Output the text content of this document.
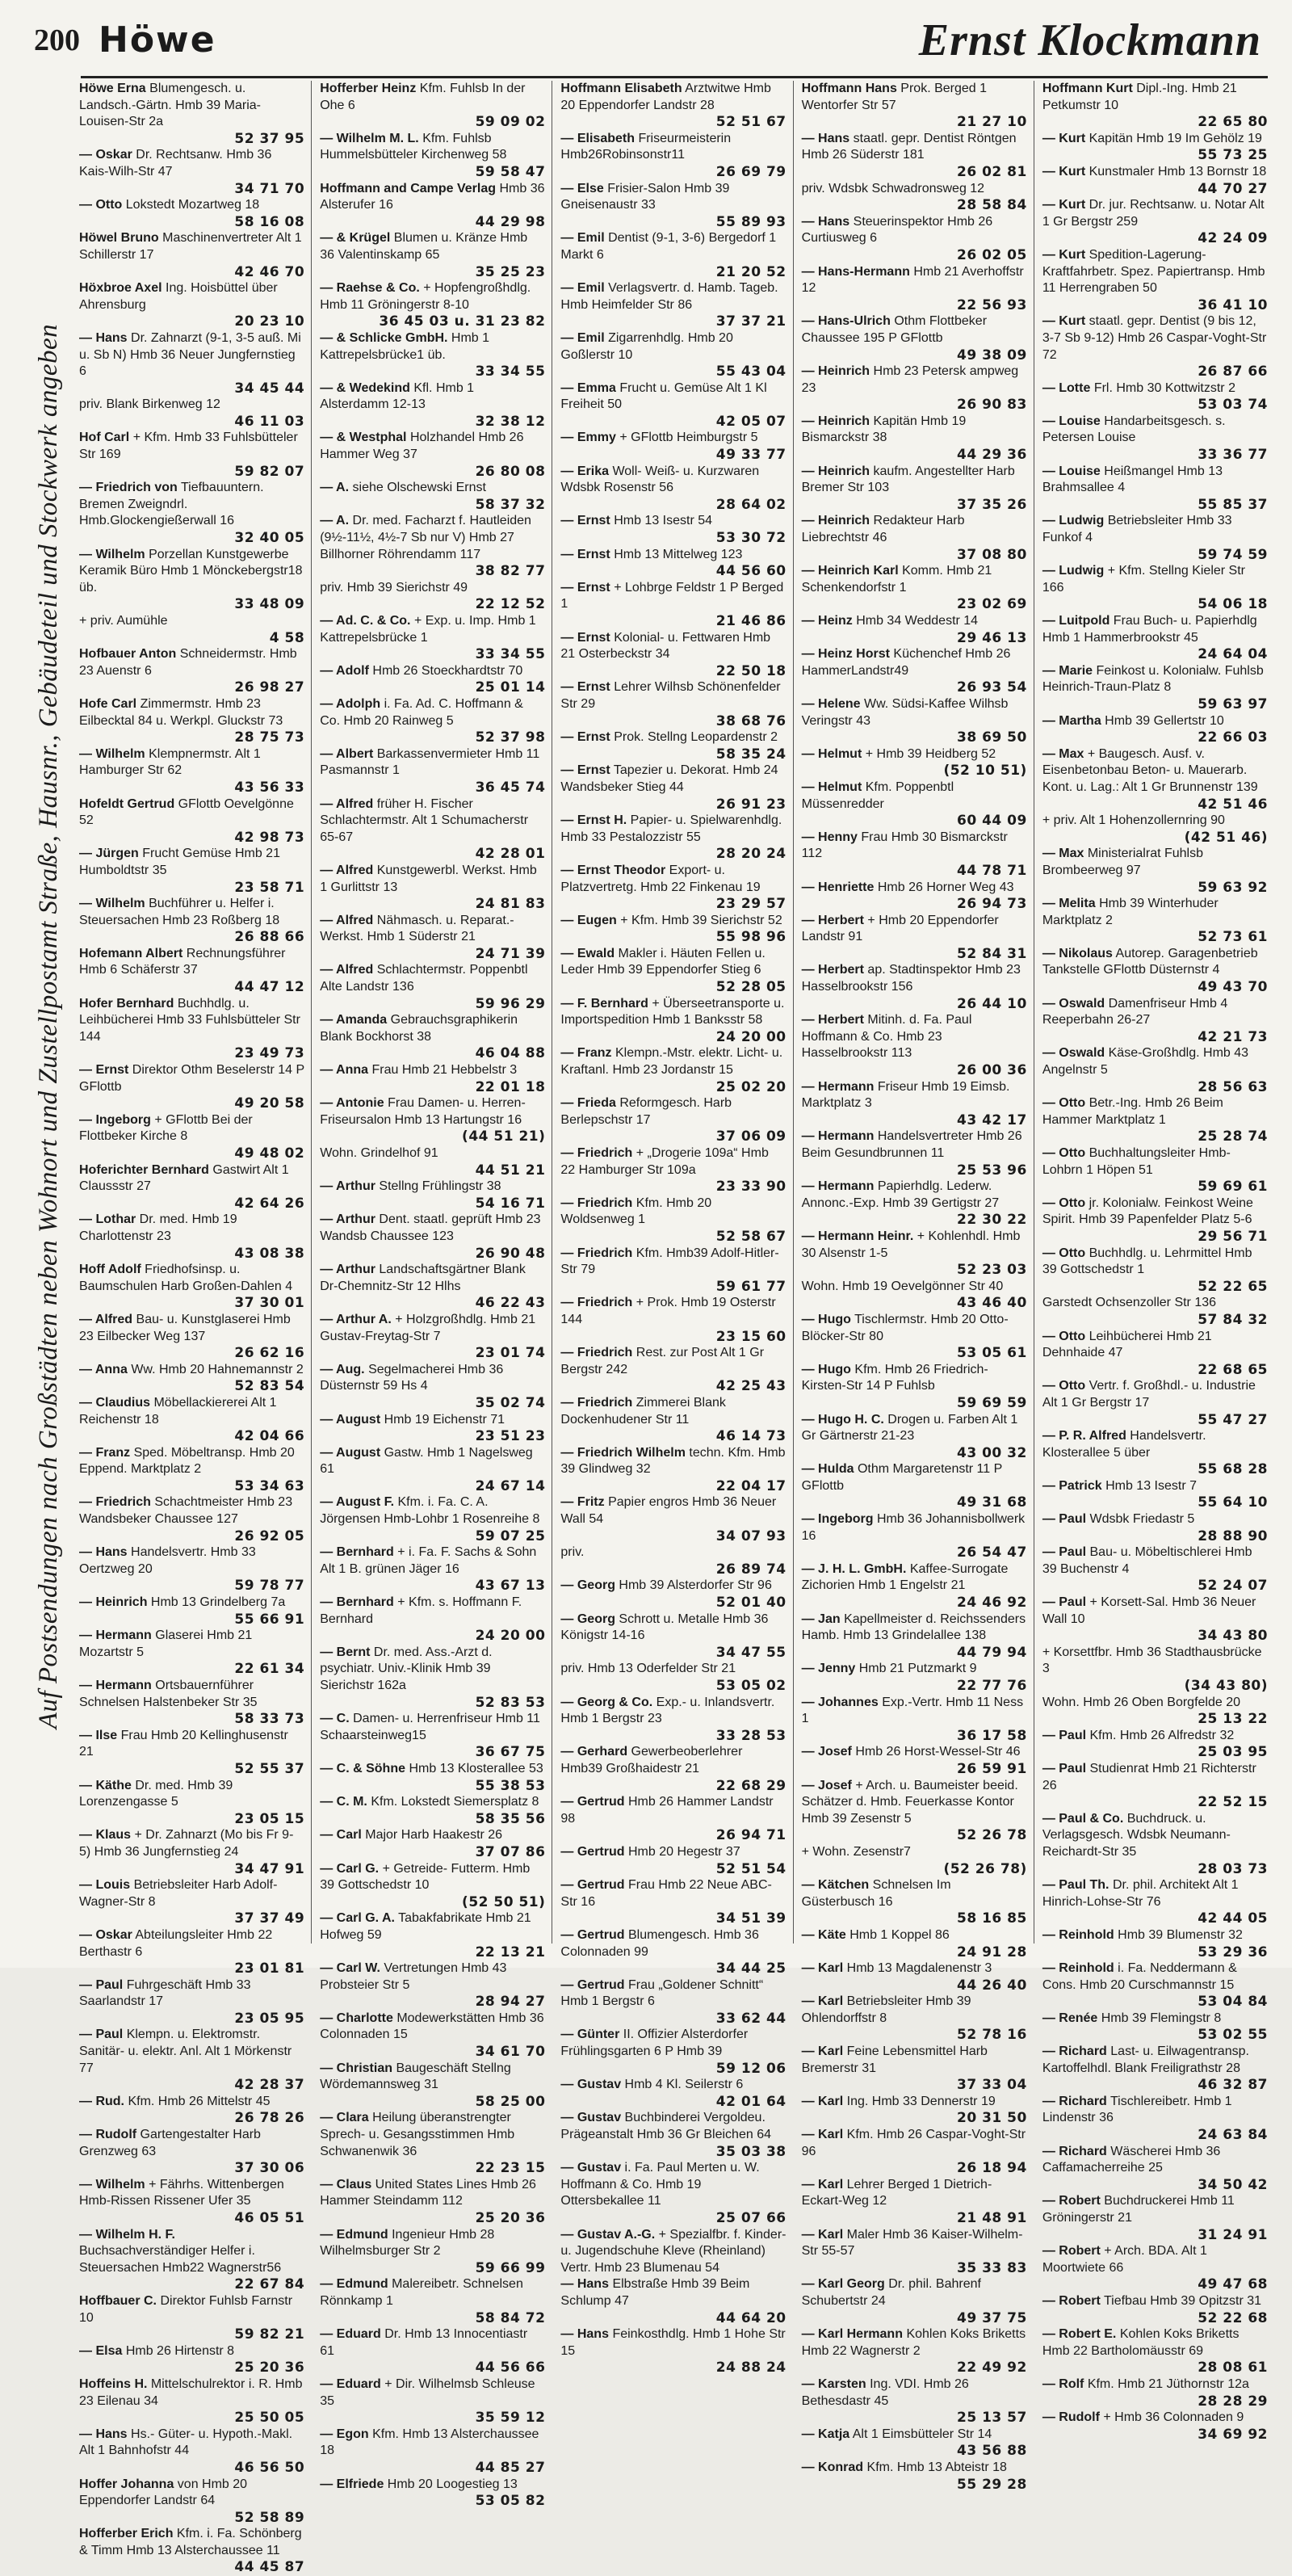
200 Höwe	Ernst Klockmann
Auf Postsendungen nach Großstädten neben Wohnort und Zustellpostamt Straße, Hausnr., Gebäudeteil und Stockwerk angeben
Höwe Erna Blumengesch. u. Landsch.-Gärtn. Hmb 39 Maria-Louisen-Str 2a
52 37 95
— Oskar Dr. Rechtsanw. Hmb 36 Kais-Wilh-Str 47
34 71 70
— Otto Lokstedt Mozartweg 18
58 16 08
Höwel Bruno Maschinenvertreter Alt 1 Schillerstr 17
42 46 70
Höxbroe Axel Ing. Hoisbüttel über Ahrensburg
20 23 10
— Hans Dr. Zahnarzt (9-1, 3-5 auß. Mi u. Sb N) Hmb 36 Neuer Jungfernstieg 6
34 45 44
priv. Blank Birkenweg 12
46 11 03
Hof Carl + Kfm. Hmb 33 Fuhlsbütteler Str 169
59 82 07
— Friedrich von Tiefbauuntern. Bremen Zweigndrl. Hmb.Glockengießerwall 16
32 40 05
— Wilhelm Porzellan Kunstgewerbe Keramik Büro Hmb 1 Mönckebergstr18 üb.
33 48 09
+ priv. Aumühle
4 58
Hofbauer Anton Schneidermstr. Hmb 23 Auenstr 6
26 98 27
Hofe Carl Zimmermstr. Hmb 23 Eilbecktal 84 u. Werkpl. Gluckstr 73
28 75 73
— Wilhelm Klempnermstr. Alt 1 Hamburger Str 62
43 56 33
Hofeldt Gertrud GFlottb Oevelgönne 52
42 98 73
— Jürgen Frucht Gemüse Hmb 21 Humboldtstr 35
23 58 71
— Wilhelm Buchführer u. Helfer i. Steuersachen Hmb 23 Roßberg 18
26 88 66
Hofemann Albert Rechnungsführer Hmb 6 Schäferstr 37
44 47 12
Hofer Bernhard Buchhdlg. u. Leihbücherei Hmb 33 Fuhlsbütteler Str 144
23 49 73
— Ernst Direktor Othm Beselerstr 14 P GFlottb
49 20 58
— Ingeborg + GFlottb Bei der Flottbeker Kirche 8
49 48 02
Hoferichter Bernhard Gastwirt Alt 1 Claussstr 27
42 64 26
— Lothar Dr. med. Hmb 19 Charlottenstr 23
43 08 38
Hoff Adolf Friedhofsinsp. u. Baumschulen Harb Großen-Dahlen 4
37 30 01
— Alfred Bau- u. Kunstglaserei Hmb 23 Eilbecker Weg 137
26 62 16
— Anna Ww. Hmb 20 Hahnemannstr 2
52 83 54
— Claudius Möbellackiererei Alt 1 Reichenstr 18
42 04 66
— Franz Sped. Möbeltransp. Hmb 20 Eppend. Marktplatz 2
53 34 63
— Friedrich Schachtmeister Hmb 23 Wandsbeker Chaussee 127
26 92 05
— Hans Handelsvertr. Hmb 33 Oertzweg 20
59 78 77
— Heinrich Hmb 13 Grindelberg 7a
55 66 91
— Hermann Glaserei Hmb 21 Mozartstr 5
22 61 34
— Hermann Ortsbauernführer Schnelsen Halstenbeker Str 35
58 33 73
— Ilse Frau Hmb 20 Kellinghusenstr 21
52 55 37
— Käthe Dr. med. Hmb 39 Lorenzengasse 5
23 05 15
— Klaus + Dr. Zahnarzt (Mo bis Fr 9-5) Hmb 36 Jungfernstieg 24
34 47 91
— Louis Betriebsleiter Harb Adolf-Wagner-Str 8
37 37 49
— Oskar Abteilungsleiter Hmb 22 Berthastr 6
23 01 81
— Paul Fuhrgeschäft Hmb 33 Saarlandstr 17
23 05 95
— Paul Klempn. u. Elektromstr. Sanitär- u. elektr. Anl. Alt 1 Mörkenstr 77
42 28 37
— Rud. Kfm. Hmb 26 Mittelstr 45
26 78 26
— Rudolf Gartengestalter Harb Grenzweg 63
37 30 06
— Wilhelm + Fährhs. Wittenbergen Hmb-Rissen Rissener Ufer 35
46 05 51
— Wilhelm H. F. Buchsachverständiger Helfer i. Steuersachen Hmb22 Wagnerstr56
22 67 84
Hoffbauer C. Direktor Fuhlsb Farnstr 10
59 82 21
— Elsa Hmb 26 Hirtenstr 8
25 20 36
Hoffeins H. Mittelschulrektor i. R. Hmb 23 Eilenau 34
25 50 05
— Hans Hs.- Güter- u. Hypoth.-Makl. Alt 1 Bahnhofstr 44
46 56 50
Hoffer Johanna von Hmb 20 Eppendorfer Landstr 64
52 58 89
Hofferber Erich Kfm. i. Fa. Schönberg & Timm Hmb 13 Alsterchaussee 11
44 45 87
Hofferber Heinz Kfm. Fuhlsb In der Ohe 6
59 09 02
— Wilhelm M. L. Kfm. Fuhlsb Hummelsbütteler Kirchenweg 58
59 58 47
Hoffmann and Campe Verlag Hmb 36 Alsterufer 16
44 29 98
— & Krügel Blumen u. Kränze Hmb 36 Valentinskamp 65
35 25 23
— Raehse & Co. + Hopfengroßhdlg. Hmb 11 Gröningerstr 8-10
36 45 03 u. 31 23 82
— & Schlicke GmbH. Hmb 1 Kattrepelsbrücke1 üb.
33 34 55
— & Wedekind Kfl. Hmb 1 Alsterdamm 12-13
32 38 12
— & Westphal Holzhandel Hmb 26 Hammer Weg 37
26 80 08
— A. siehe Olschewski Ernst
58 37 32
— A. Dr. med. Facharzt f. Hautleiden (9½-11½, 4½-7 Sb nur V) Hmb 27 Billhorner Röhrendamm 117
38 82 77
priv. Hmb 39 Sierichstr 49
22 12 52
— Ad. C. & Co. + Exp. u. Imp. Hmb 1 Kattrepelsbrücke 1
33 34 55
— Adolf Hmb 26 Stoeckhardtstr 70
25 01 14
— Adolph i. Fa. Ad. C. Hoffmann & Co. Hmb 20 Rainweg 5
52 37 98
— Albert Barkassenvermieter Hmb 11 Pasmannstr 1
36 45 74
— Alfred früher H. Fischer Schlachtermstr. Alt 1 Schumacherstr 65-67
42 28 01
— Alfred Kunstgewerbl. Werkst. Hmb 1 Gurlittstr 13
24 81 83
— Alfred Nähmasch. u. Reparat.-Werkst. Hmb 1 Süderstr 21
24 71 39
— Alfred Schlachtermstr. Poppenbtl Alte Landstr 136
59 96 29
— Amanda Gebrauchsgraphikerin Blank Bockhorst 38
46 04 88
— Anna Frau Hmb 21 Hebbelstr 3
22 01 18
— Antonie Frau Damen- u. Herren-Friseursalon Hmb 13 Hartungstr 16
(44 51 21)
Wohn. Grindelhof 91
44 51 21
— Arthur Stellng Frühlingstr 38
54 16 71
— Arthur Dent. staatl. geprüft Hmb 23 Wandsb Chaussee 123
26 90 48
— Arthur Landschaftsgärtner Blank Dr-Chemnitz-Str 12 Hlhs
46 22 43
— Arthur A. + Holzgroßhdlg. Hmb 21 Gustav-Freytag-Str 7
23 01 74
— Aug. Segelmacherei Hmb 36 Düsternstr 59 Hs 4
35 02 74
— August Hmb 19 Eichenstr 71
23 51 23
— August Gastw. Hmb 1 Nagelsweg 61
24 67 14
— August F. Kfm. i. Fa. C. A. Jörgensen Hmb-Lohbr 1 Rosenreihe 8
59 07 25
— Bernhard + i. Fa. F. Sachs & Sohn Alt 1 B. grünen Jäger 16
43 67 13
— Bernhard + Kfm. s. Hoffmann F. Bernhard
24 20 00
— Bernt Dr. med. Ass.-Arzt d. psychiatr. Univ.-Klinik Hmb 39 Sierichstr 162a
52 83 53
— C. Damen- u. Herrenfriseur Hmb 11 Schaarsteinweg15
36 67 75
— C. & Söhne Hmb 13 Klosterallee 53
55 38 53
— C. M. Kfm. Lokstedt Siemersplatz 8
58 35 56
— Carl Major Harb Haakestr 26
37 07 86
— Carl G. + Getreide- Futterm. Hmb 39 Gottschedstr 10
(52 50 51)
— Carl G. A. Tabakfabrikate Hmb 21 Hofweg 59
22 13 21
— Carl W. Vertretungen Hmb 43 Probsteier Str 5
28 94 27
— Charlotte Modewerkstätten Hmb 36 Colonnaden 15
34 61 70
— Christian Baugeschäft Stellng Wördemannsweg 31
58 25 00
— Clara Heilung überanstrengter Sprech- u. Gesangsstimmen Hmb Schwanenwik 36
22 23 15
— Claus United States Lines Hmb 26 Hammer Steindamm 112
25 20 36
— Edmund Ingenieur Hmb 28 Wilhelmsburger Str 2
59 66 99
— Edmund Malereibetr. Schnelsen Rönnkamp 1
58 84 72
— Eduard Dr. Hmb 13 Innocentiastr 61
44 56 66
— Eduard + Dir. Wilhelmsb Schleuse 35
35 59 12
— Egon Kfm. Hmb 13 Alsterchaussee 18
44 85 27
— Elfriede Hmb 20 Loogestieg 13
53 05 82
Hoffmann Elisabeth Arztwitwe Hmb 20 Eppendorfer Landstr 28
52 51 67
— Elisabeth Friseurmeisterin Hmb26Robinsonstr11
26 69 79
— Else Frisier-Salon Hmb 39 Gneisenaustr 33
55 89 93
— Emil Dentist (9-1, 3-6) Bergedorf 1 Markt 6
21 20 52
— Emil Verlagsvertr. d. Hamb. Tageb. Hmb Heimfelder Str 86
37 37 21
— Emil Zigarrenhdlg. Hmb 20 Goßlerstr 10
55 43 04
— Emma Frucht u. Gemüse Alt 1 Kl Freiheit 50
42 05 07
— Emmy + GFlottb Heimburgstr 5
49 33 77
— Erika Woll- Weiß- u. Kurzwaren Wdsbk Rosenstr 56
28 64 02
— Ernst Hmb 13 Isestr 54
53 30 72
— Ernst Hmb 13 Mittelweg 123
44 56 60
— Ernst + Lohbrge Feldstr 1 P Berged 1
21 46 86
— Ernst Kolonial- u. Fettwaren Hmb 21 Osterbeckstr 34
22 50 18
— Ernst Lehrer Wilhsb Schönenfelder Str 29
38 68 76
— Ernst Prok. Stellng Leopardenstr 2
58 35 24
— Ernst Tapezier u. Dekorat. Hmb 24 Wandsbeker Stieg 44
26 91 23
— Ernst H. Papier- u. Spielwarenhdlg. Hmb 33 Pestalozzistr 55
28 20 24
— Ernst Theodor Export- u. Platzvertretg. Hmb 22 Finkenau 19
23 29 57
— Eugen + Kfm. Hmb 39 Sierichstr 52
55 98 96
— Ewald Makler i. Häuten Fellen u. Leder Hmb 39 Eppendorfer Stieg 6
52 28 05
— F. Bernhard + Überseetransporte u. Importspedition Hmb 1 Banksstr 58
24 20 00
— Franz Klempn.-Mstr. elektr. Licht- u. Kraftanl. Hmb 23 Jordanstr 15
25 02 20
— Frieda Reformgesch. Harb Berlepschstr 17
37 06 09
— Friedrich + „Drogerie 109a“ Hmb 22 Hamburger Str 109a
23 33 90
— Friedrich Kfm. Hmb 20 Woldsenweg 1
52 58 67
— Friedrich Kfm. Hmb39 Adolf-Hitler-Str 79
59 61 77
— Friedrich + Prok. Hmb 19 Osterstr 144
23 15 60
— Friedrich Rest. zur Post Alt 1 Gr Bergstr 242
42 25 43
— Friedrich Zimmerei Blank Dockenhudener Str 11
46 14 73
— Friedrich Wilhelm techn. Kfm. Hmb 39 Glindweg 32
22 04 17
— Fritz Papier engros Hmb 36 Neuer Wall 54
34 07 93
priv.
26 89 74
— Georg Hmb 39 Alsterdorfer Str 96
52 01 40
— Georg Schrott u. Metalle Hmb 36 Königstr 14-16
34 47 55
priv. Hmb 13 Oderfelder Str 21
53 05 02
— Georg & Co. Exp.- u. Inlandsvertr. Hmb 1 Bergstr 23
33 28 53
— Gerhard Gewerbeoberlehrer Hmb39 Großhaidestr 21
22 68 29
— Gertrud Hmb 26 Hammer Landstr 98
26 94 71
— Gertrud Hmb 20 Hegestr 37
52 51 54
— Gertrud Frau Hmb 22 Neue ABC-Str 16
34 51 39
— Gertrud Blumengesch. Hmb 36 Colonnaden 99
34 44 25
— Gertrud Frau „Goldener Schnitt“ Hmb 1 Bergstr 6
33 62 44
— Günter II. Offizier Alsterdorfer Frühlingsgarten 6 P Hmb 39
59 12 06
— Gustav Hmb 4 Kl. Seilerstr 6
42 01 64
— Gustav Buchbinderei Vergoldeu. Prägeanstalt Hmb 36 Gr Bleichen 64
35 03 38
— Gustav i. Fa. Paul Merten u. W. Hoffmann & Co. Hmb 19 Ottersbekallee 11
25 07 66
— Gustav A.-G. + Spezialfbr. f. Kinder- u. Jugendschuhe Kleve (Rheinland) Vertr. Hmb 23 Blumenau 54
— Hans Elbstraße Hmb 39 Beim Schlump 47
44 64 20
— Hans Feinkosthdlg. Hmb 1 Hohe Str 15
24 88 24
Hoffmann Hans Prok. Berged 1 Wentorfer Str 57
21 27 10
— Hans staatl. gepr. Dentist Röntgen Hmb 26 Süderstr 181
26 02 81
priv. Wdsbk Schwadronsweg 12
28 58 84
— Hans Steuerinspektor Hmb 26 Curtiusweg 6
26 02 05
— Hans-Hermann Hmb 21 Averhoffstr 12
22 56 93
— Hans-Ulrich Othm Flottbeker Chaussee 195 P GFlottb
49 38 09
— Heinrich Hmb 23 Petersk ampweg 23
26 90 83
— Heinrich Kapitän Hmb 19 Bismarckstr 38
44 29 36
— Heinrich kaufm. Angestellter Harb Bremer Str 103
37 35 26
— Heinrich Redakteur Harb Liebrechtstr 46
37 08 80
— Heinrich Karl Komm. Hmb 21 Schenkendorfstr 1
23 02 69
— Heinz Hmb 34 Weddestr 14
29 46 13
— Heinz Horst Küchenchef Hmb 26 HammerLandstr49
26 93 54
— Helene Ww. Südsi-Kaffee Wilhsb Veringstr 43
38 69 50
— Helmut + Hmb 39 Heidberg 52
(52 10 51)
— Helmut Kfm. Poppenbtl Müssenredder
60 44 09
— Henny Frau Hmb 30 Bismarckstr 112
44 78 71
— Henriette Hmb 26 Horner Weg 43
26 94 73
— Herbert + Hmb 20 Eppendorfer Landstr 91
52 84 31
— Herbert ap. Stadtinspektor Hmb 23 Hasselbrookstr 156
26 44 10
— Herbert Mitinh. d. Fa. Paul Hoffmann & Co. Hmb 23 Hasselbrookstr 113
26 00 36
— Hermann Friseur Hmb 19 Eimsb. Marktplatz 3
43 42 17
— Hermann Handelsvertreter Hmb 26 Beim Gesundbrunnen 11
25 53 96
— Hermann Papierhdlg. Lederw. Annonc.-Exp. Hmb 39 Gertigstr 27
22 30 22
— Hermann Heinr. + Kohlenhdl. Hmb 30 Alsenstr 1-5
52 23 03
Wohn. Hmb 19 Oevelgönner Str 40
43 46 40
— Hugo Tischlermstr. Hmb 20 Otto-Blöcker-Str 80
53 05 61
— Hugo Kfm. Hmb 26 Friedrich-Kirsten-Str 14 P Fuhlsb
59 69 59
— Hugo H. C. Drogen u. Farben Alt 1 Gr Gärtnerstr 21-23
43 00 32
— Hulda Othm Margaretenstr 11 P GFlottb
49 31 68
— Ingeborg Hmb 36 Johannisbollwerk 16
26 54 47
— J. H. L. GmbH. Kaffee-Surrogate Zichorien Hmb 1 Engelstr 21
24 46 92
— Jan Kapellmeister d. Reichssenders Hamb. Hmb 13 Grindelallee 138
44 79 94
— Jenny Hmb 21 Putzmarkt 9
22 77 76
— Johannes Exp.-Vertr. Hmb 11 Ness 1
36 17 58
— Josef Hmb 26 Horst-Wessel-Str 46
26 59 91
— Josef + Arch. u. Baumeister beeid. Schätzer d. Hmb. Feuerkasse Kontor Hmb 39 Zesenstr 5
52 26 78
+ Wohn. Zesenstr7
(52 26 78)
— Kätchen Schnelsen Im Güsterbusch 16
58 16 85
— Käte Hmb 1 Koppel 86
24 91 28
— Karl Hmb 13 Magdalenenstr 3
44 26 40
— Karl Betriebsleiter Hmb 39 Ohlendorffstr 8
52 78 16
— Karl Feine Lebensmittel Harb Bremerstr 31
37 33 04
— Karl Ing. Hmb 33 Dennerstr 19
20 31 50
— Karl Kfm. Hmb 26 Caspar-Voght-Str 96
26 18 94
— Karl Lehrer Berged 1 Dietrich-Eckart-Weg 12
21 48 91
— Karl Maler Hmb 36 Kaiser-Wilhelm-Str 55-57
35 33 83
— Karl Georg Dr. phil. Bahrenf Schubertstr 24
49 37 75
— Karl Hermann Kohlen Koks Briketts Hmb 22 Wagnerstr 2
22 49 92
— Karsten Ing. VDI. Hmb 26 Bethesdastr 45
25 13 57
— Katja Alt 1 Eimsbütteler Str 14
43 56 88
— Konrad Kfm. Hmb 13 Abteistr 18
55 29 28
Hoffmann Kurt Dipl.-Ing. Hmb 21 Petkumstr 10
22 65 80
— Kurt Kapitän Hmb 19 Im Gehölz 19
55 73 25
— Kurt Kunstmaler Hmb 13 Bornstr 18
44 70 27
— Kurt Dr. jur. Rechtsanw. u. Notar Alt 1 Gr Bergstr 259
42 24 09
— Kurt Spedition-Lagerung-Kraftfahrbetr. Spez. Papiertransp. Hmb 11 Herrengraben 50
36 41 10
— Kurt staatl. gepr. Dentist (9 bis 12, 3-7 Sb 9-12) Hmb 26 Caspar-Voght-Str 72
26 87 66
— Lotte Frl. Hmb 30 Kottwitzstr 2
53 03 74
— Louise Handarbeitsgesch. s. Petersen Louise
33 36 77
— Louise Heißmangel Hmb 13 Brahmsallee 4
55 85 37
— Ludwig Betriebsleiter Hmb 33 Funkof 4
59 74 59
— Ludwig + Kfm. Stellng Kieler Str 166
54 06 18
— Luitpold Frau Buch- u. Papierhdlg Hmb 1 Hammerbrookstr 45
24 64 04
— Marie Feinkost u. Kolonialw. Fuhlsb Heinrich-Traun-Platz 8
59 63 97
— Martha Hmb 39 Gellertstr 10
22 66 03
— Max + Baugesch. Ausf. v. Eisenbetonbau Beton- u. Mauerarb. Kont. u. Lag.: Alt 1 Gr Brunnenstr 139
42 51 46
+ priv. Alt 1 Hohenzollernring 90
(42 51 46)
— Max Ministerialrat Fuhlsb Brombeerweg 97
59 63 92
— Melita Hmb 39 Winterhuder Marktplatz 2
52 73 61
— Nikolaus Autorep. Garagenbetrieb Tankstelle GFlottb Düsternstr 4
49 43 70
— Oswald Damenfriseur Hmb 4 Reeperbahn 26-27
42 21 73
— Oswald Käse-Großhdlg. Hmb 43 Angelnstr 5
28 56 63
— Otto Betr.-Ing. Hmb 26 Beim Hammer Marktplatz 1
25 28 74
— Otto Buchhaltungsleiter Hmb-Lohbrn 1 Höpen 51
59 69 61
— Otto jr. Kolonialw. Feinkost Weine Spirit. Hmb 39 Papenfelder Platz 5-6
29 56 71
— Otto Buchhdlg. u. Lehrmittel Hmb 39 Gottschedstr 1
52 22 65
Garstedt Ochsenzoller Str 136
57 84 32
— Otto Leihbücherei Hmb 21 Dehnhaide 47
22 68 65
— Otto Vertr. f. Großhdl.- u. Industrie Alt 1 Gr Bergstr 17
55 47 27
— P. R. Alfred Handelsvertr. Klosterallee 5 über
55 68 28
— Patrick Hmb 13 Isestr 7
55 64 10
— Paul Wdsbk Friedastr 5
28 88 90
— Paul Bau- u. Möbeltischlerei Hmb 39 Buchenstr 4
52 24 07
— Paul + Korsett-Sal. Hmb 36 Neuer Wall 10
34 43 80
+ Korsettfbr. Hmb 36 Stadthausbrücke 3
(34 43 80)
Wohn. Hmb 26 Oben Borgfelde 20
25 13 22
— Paul Kfm. Hmb 26 Alfredstr 32
25 03 95
— Paul Studienrat Hmb 21 Richterstr 26
22 52 15
— Paul & Co. Buchdruck. u. Verlagsgesch. Wdsbk Neumann-Reichardt-Str 35
28 03 73
— Paul Th. Dr. phil. Architekt Alt 1 Hinrich-Lohse-Str 76
42 44 05
— Reinhold Hmb 39 Blumenstr 32
53 29 36
— Reinhold i. Fa. Neddermann & Cons. Hmb 20 Curschmannstr 15
53 04 84
— Renée Hmb 39 Flemingstr 8
53 02 55
— Richard Last- u. Eilwagentransp. Kartoffelhdl. Blank Freiligrathstr 28
46 32 87
— Richard Tischlereibetr. Hmb 1 Lindenstr 36
24 63 84
— Richard Wäscherei Hmb 36 Caffamacherreihe 25
34 50 42
— Robert Buchdruckerei Hmb 11 Gröningerstr 21
31 24 91
— Robert + Arch. BDA. Alt 1 Moortwiete 66
49 47 68
— Robert Tiefbau Hmb 39 Opitzstr 31
52 22 68
— Robert E. Kohlen Koks Briketts Hmb 22 Bartholomäusstr 69
28 08 61
— Rolf Kfm. Hmb 21 Jüthornstr 12a
28 28 29
— Rudolf + Hmb 36 Colonnaden 9
34 69 92
